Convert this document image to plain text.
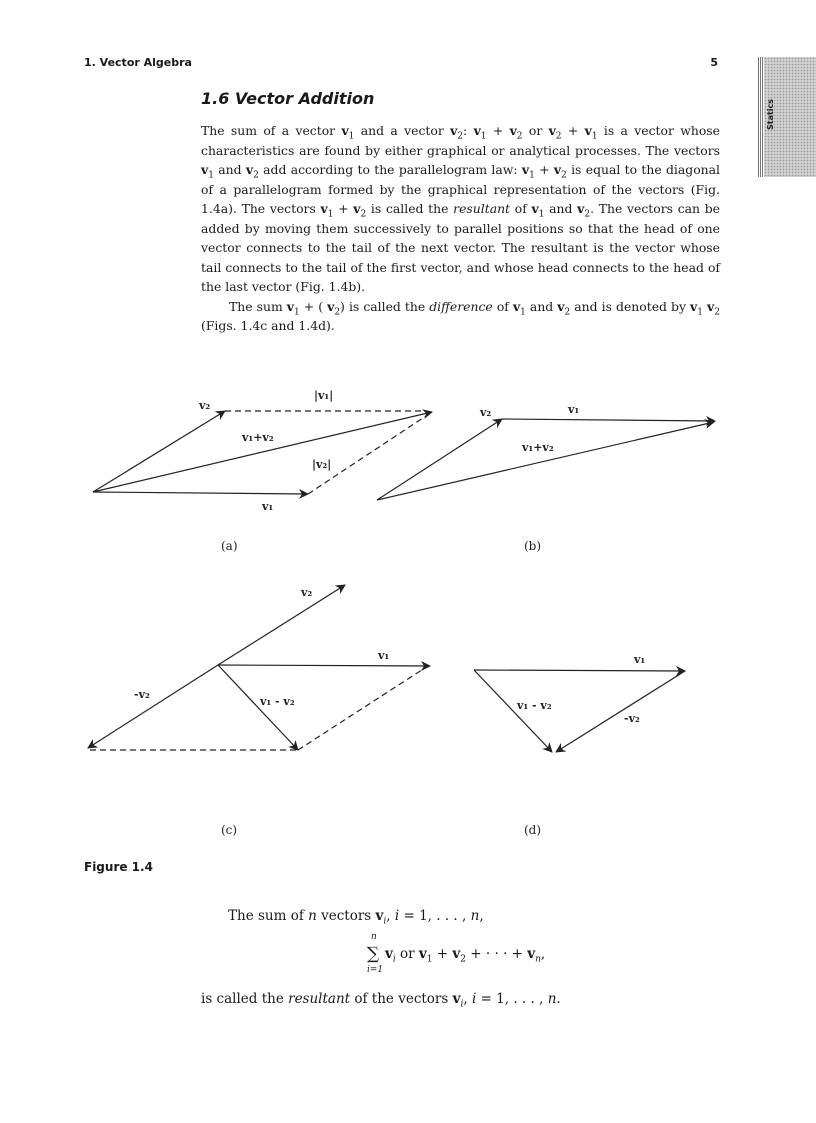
1. Vector Algebra	5
Statics
1.6 Vector Addition

The sum of a vector $v_1$ and a vector $v_2$: $v_1 + v_2$ or $v_2 + v_1$ is a vector whose characteristics are found by either graphical or analytical processes. The vectors $v_1$ and $v_2$ add according to the parallelogram law: $v_1 + v_2$ is equal to the diagonal of a parallelogram formed by the graphical representation of the vectors (Fig. 1.4a). The vectors $v_1 + v_2$ is called the resultant of $v_1$ and $v_2$. The vectors can be added by moving them successively to parallel positions so that the head of one vector connects to the tail of the next vector. The resultant is the vector whose tail connects to the tail of the first vector, and whose head connects to the head of the last vector (Fig. 1.4b).

The sum $v_1$ + ( $v_2$) is called the difference of $v_1$ and $v_2$ and is denoted by $v_1$ $v_2$ (Figs. 1.4c and 1.4d).

v₂
|v₁|
v₁+v₂
|v₂|
v₁
v₂	v₁
v₁+v₂
v₂
v₁
-v₂
v₁ - v₂
v₁
v₁ - v₂
-v₂
(a)	(b)
(c)	(d)
Figure 1.4
The sum of n vectors $v_i$, i = 1, . . . , n,
n
∑
i=1
$v_i$ or $v_1 + v_2$ + · · · + $v_n$,
is called the resultant of the vectors $v_i$, i = 1, . . . , n.
